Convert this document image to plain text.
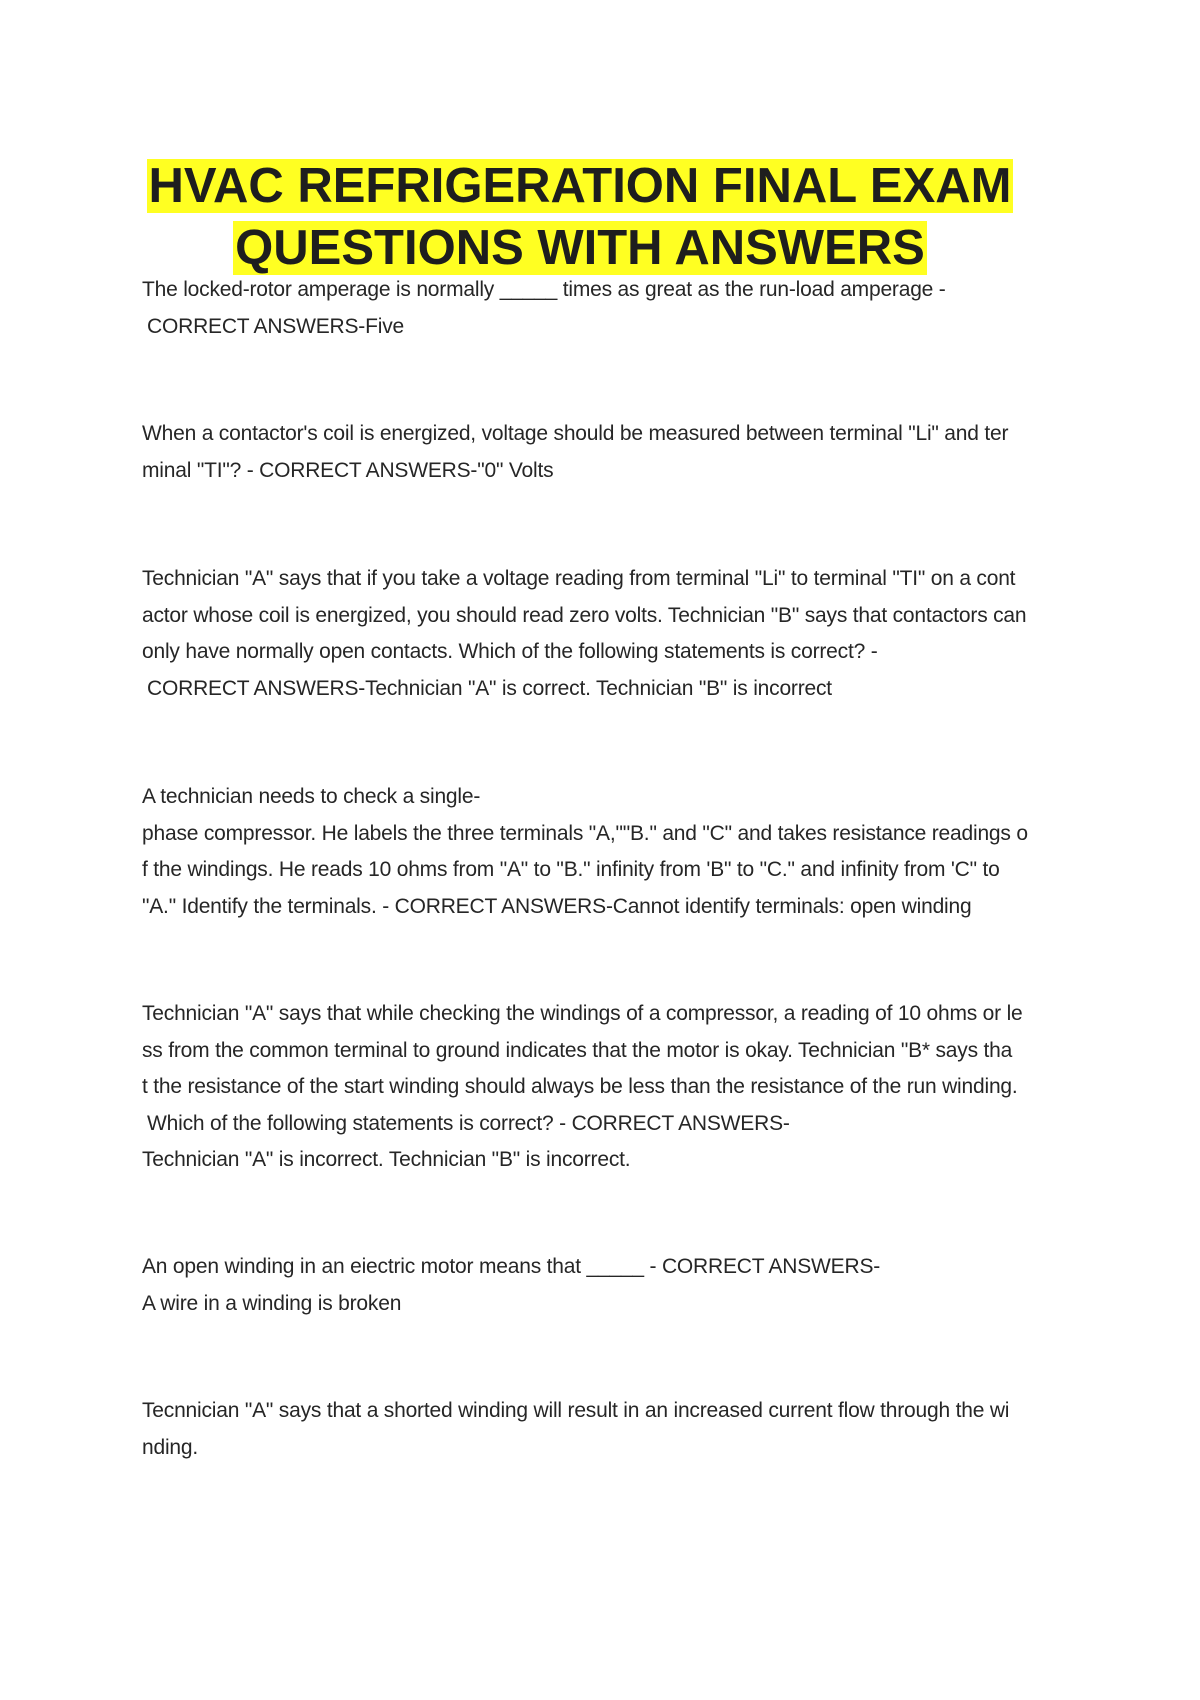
HVAC REFRIGERATION FINAL EXAM
QUESTIONS WITH ANSWERS
The locked-rotor amperage is normally _____ times as great as the run-load amperage -
CORRECT ANSWERS-Five
When a contactor's coil is energized, voltage should be measured between terminal "Li" and ter
minal "TI"? - CORRECT ANSWERS-"0" Volts
Technician "A" says that if you take a voltage reading from terminal "Li" to terminal "TI" on a cont
actor whose coil is energized, you should read zero volts. Technician "B" says that contactors can
only have normally open contacts. Which of the following statements is correct? -
CORRECT ANSWERS-Technician "A" is correct. Technician "B" is incorrect
A technician needs to check a single-
phase compressor. He labels the three terminals "A,""B." and "C" and takes resistance readings o
f the windings. He reads 10 ohms from "A" to "B." infinity from 'B" to "C." and infinity from 'C" to
"A." Identify the terminals. - CORRECT ANSWERS-Cannot identify terminals: open winding
Technician "A" says that while checking the windings of a compressor, a reading of 10 ohms or le
ss from the common terminal to ground indicates that the motor is okay. Technician "B* says tha
t the resistance of the start winding should always be less than the resistance of the run winding.
Which of the following statements is correct? - CORRECT ANSWERS-
Technician "A" is incorrect. Technician "B" is incorrect.
An open winding in an eiectric motor means that _____ - CORRECT ANSWERS-
A wire in a winding is broken
Tecnnician "A" says that a shorted winding will result in an increased current flow through the wi
nding.
